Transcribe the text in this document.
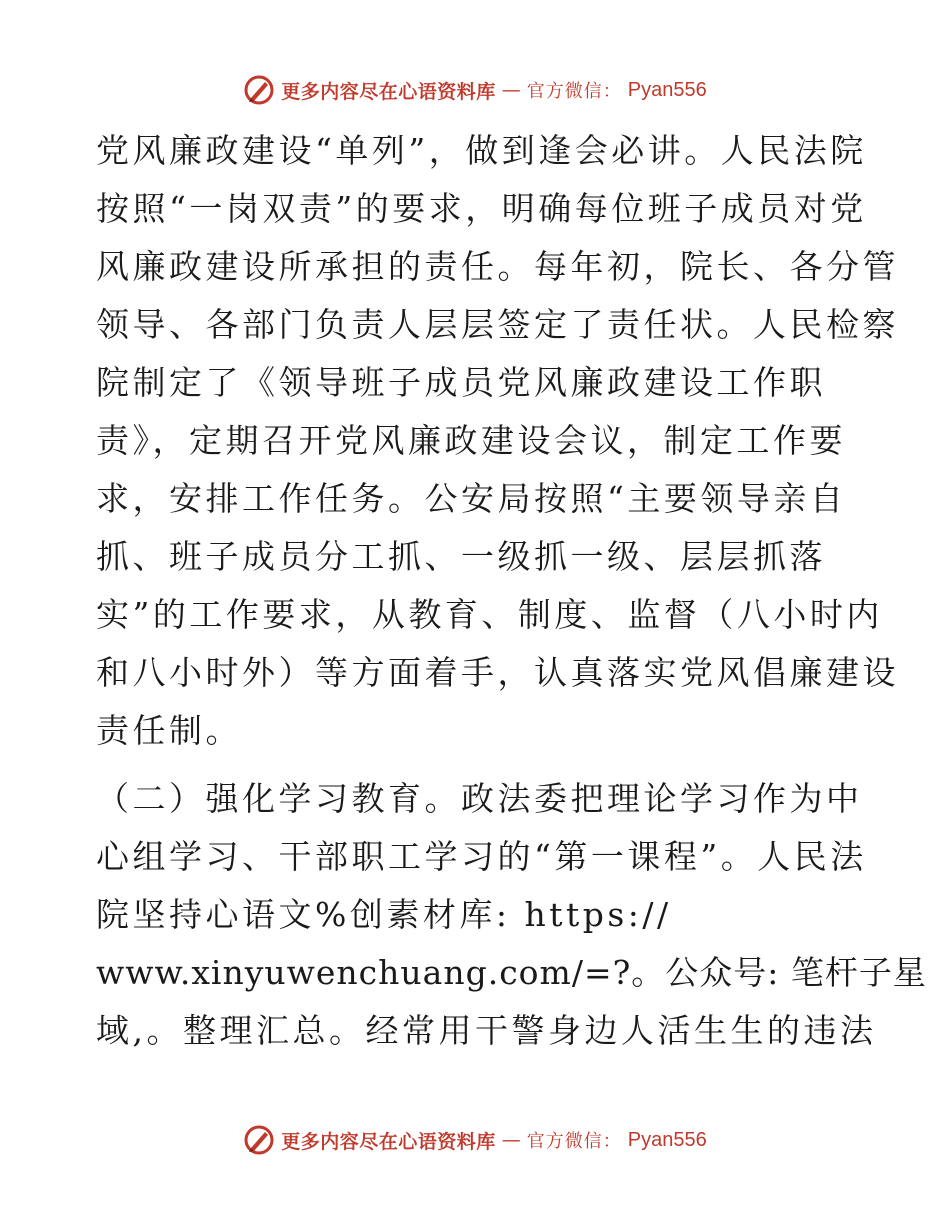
更多内容尽在心语资料库 — 官方微信： Pyan556
党风廉政建设“单列”，做到逢会必讲。人民法院
按照“一岗双责”的要求，明确每位班子成员对党
风廉政建设所承担的责任。每年初，院长、各分管
领导、各部门负责人层层签定了责任状。人民检察
院制定了《领导班子成员党风廉政建设工作职
责》，定期召开党风廉政建设会议，制定工作要
求，安排工作任务。公安局按照“主要领导亲自
抓、班子成员分工抓、一级抓一级、层层抓落
实”的工作要求，从教育、制度、监督（八小时内
和八小时外）等方面着手，认真落实党风倡廉建设
责任制。
（二）强化学习教育。政法委把理论学习作为中
心组学习、干部职工学习的“第一课程”。人民法
院坚持心语文%创素材库: https://
www.xinyuwenchuang.com/=?。公众号: 笔杆子星
域,。整理汇总。经常用干警身边人活生生的违法
更多内容尽在心语资料库 — 官方微信： Pyan556
